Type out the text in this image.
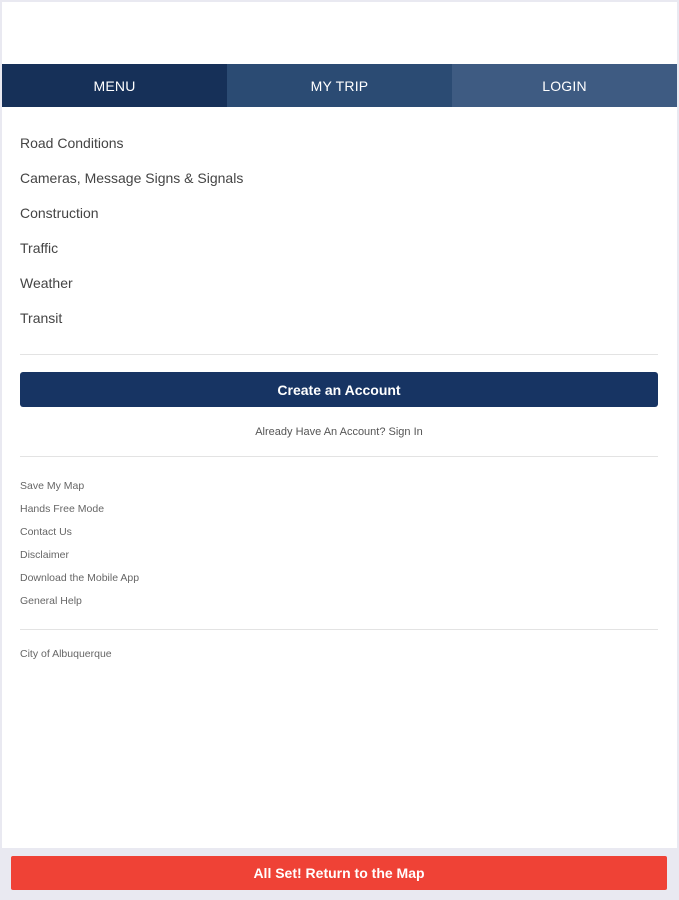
MENU	MY TRIP	LOGIN
Road Conditions
Cameras, Message Signs & Signals
Construction
Traffic
Weather
Transit
Create an Account
Already Have An Account? Sign In
Save My Map
Hands Free Mode
Contact Us
Disclaimer
Download the Mobile App
General Help
City of Albuquerque
All Set! Return to the Map
